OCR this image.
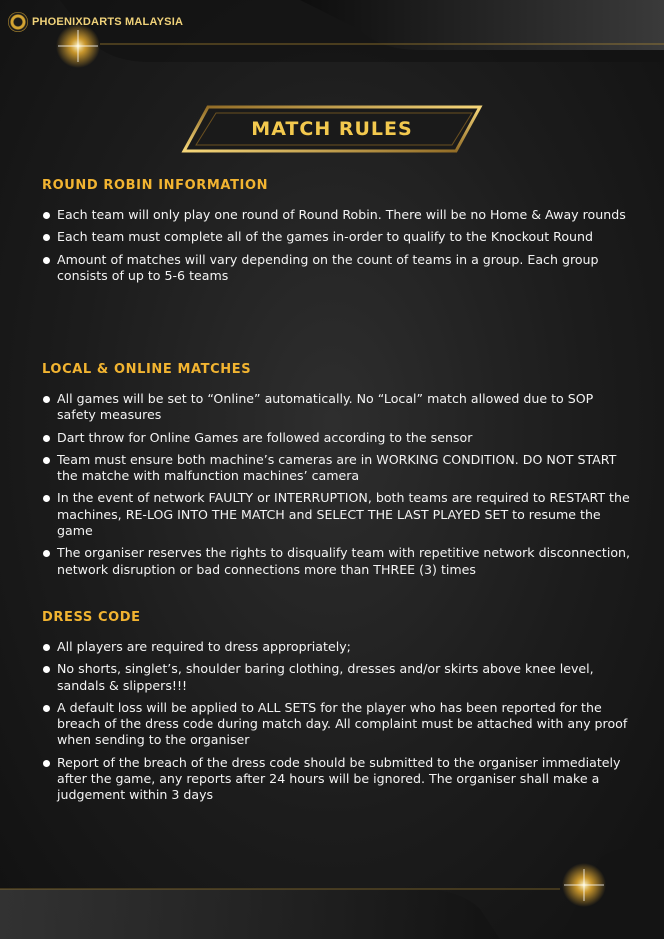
PHOENIXDARTS MALAYSIA
MATCH RULES
ROUND ROBIN INFORMATION
Each team will only play one round of Round Robin. There will be no Home & Away rounds
Each team must complete all of the games in-order to qualify to the Knockout Round
Amount of matches will vary depending on the count of teams in a group. Each group consists of up to 5-6 teams
LOCAL & ONLINE MATCHES
All games will be set to “Online” automatically. No “Local” match allowed due to SOP safety measures
Dart throw for Online Games are followed according to the sensor
Team must ensure both machine’s cameras are in WORKING CONDITION. DO NOT START the matche with malfunction machines’ camera
In the event of network FAULTY or INTERRUPTION, both teams are required to RESTART the machines, RE-LOG INTO THE MATCH and SELECT THE LAST PLAYED SET to resume the game
The organiser reserves the rights to disqualify team with repetitive network disconnection, network disruption or bad connections more than THREE (3) times
DRESS CODE
All players are required to dress appropriately;
No shorts, singlet’s, shoulder baring clothing, dresses and/or skirts above knee level, sandals & slippers!!!
A default loss will be applied to ALL SETS for the player who has been reported for the breach of the dress code during match day. All complaint must be attached with any proof when sending to the organiser
Report of the breach of the dress code should be submitted to the organiser immediately after the game, any reports after 24 hours will be ignored. The organiser shall make a judgement within 3 days
